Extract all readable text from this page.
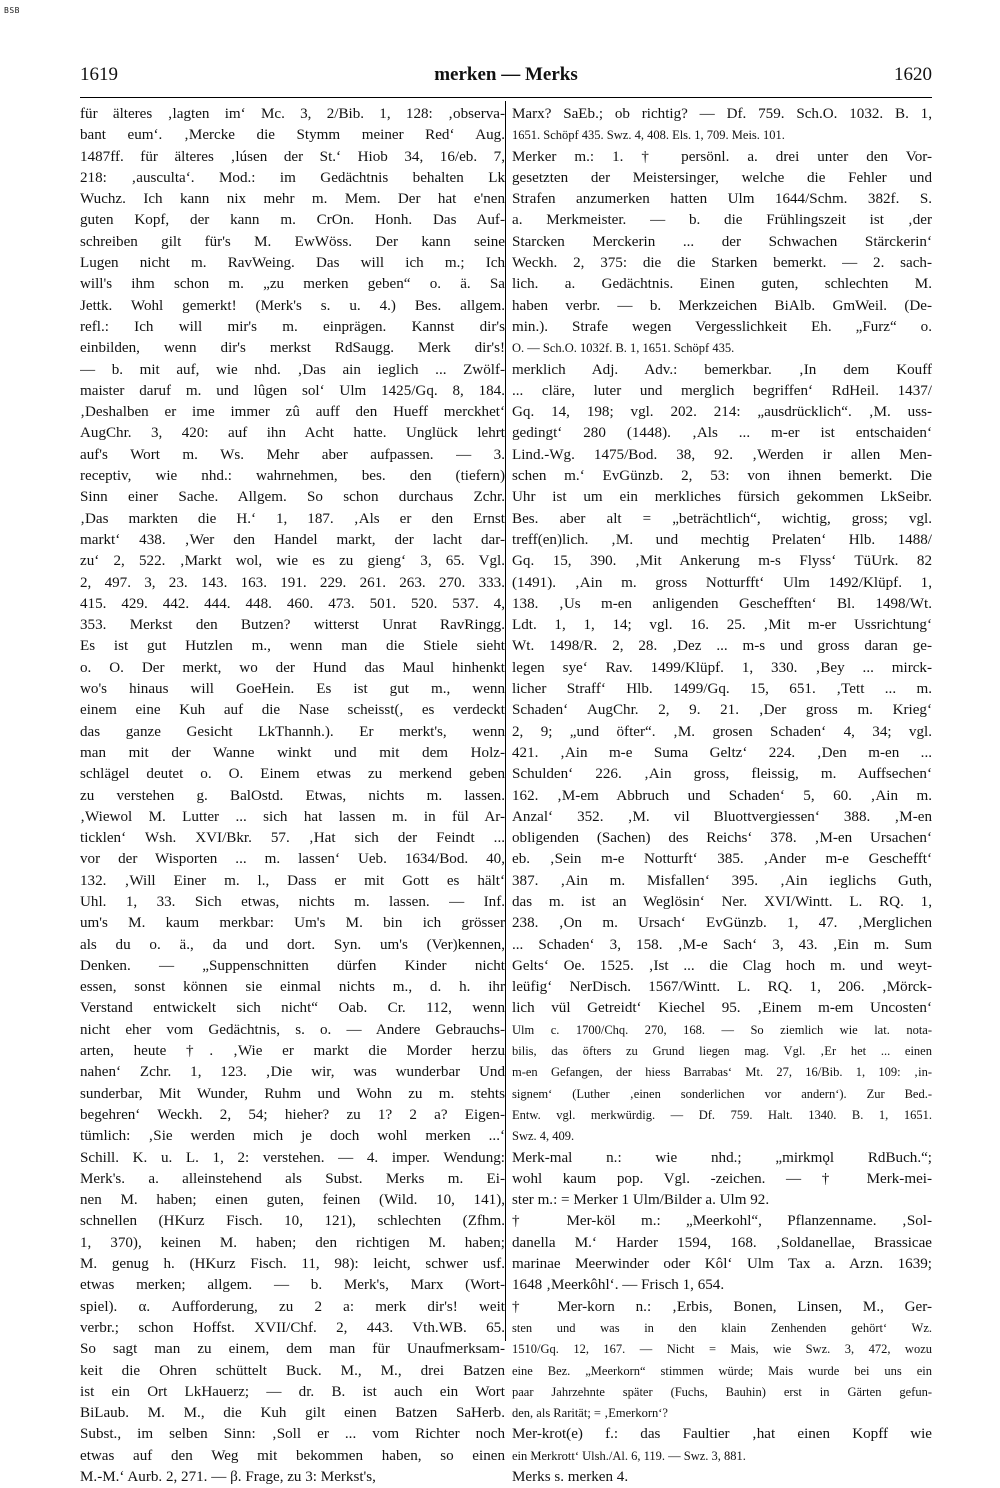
BSB
1619	merken — Merks	1620
für älteres ‚lagten im‘ Mc. 3, 2/Bib. 1, 128: ‚observa-
bant eum‘. ‚Mercke die Stymm meiner Red‘ Aug.
1487ff. für älteres ‚lúsen der St.‘ Hiob 34, 16/eb. 7,
218: ‚ausculta‘. Mod.: im Gedächtnis behalten Lk
Wuchz. Ich kann nix mehr m. Mem. Der hat e'nen
guten Kopf, der kann m. CrOn. Honh. Das Auf-
schreiben gilt für's M. EwWöss. Der kann seine
Lugen nicht m. RavWeing. Das will ich m.; Ich
will's ihm schon m. „zu merken geben“ o. ä. Sa
Jettk. Wohl gemerkt! (Merk's s. u. 4.) Bes. allgem.
refl.: Ich will mir's m. einprägen. Kannst dir's
einbilden, wenn dir's merkst RdSaugg. Merk dir's!
— b. mit auf, wie nhd. ‚Das ain ieglich ... Zwölf-
maister daruf m. und lûgen sol‘ Ulm 1425/Gq. 8, 184.
‚Deshalben er ime immer zû auff den Hueff merckhet‘
AugChr. 3, 420: auf ihn Acht hatte. Unglück lehrt
auf's Wort m. Ws. Mehr aber aufpassen. — 3.
receptiv, wie nhd.: wahrnehmen, bes. den (tiefern)
Sinn einer Sache. Allgem. So schon durchaus Zchr.
‚Das markten die H.‘ 1, 187. ‚Als er den Ernst
markt‘ 438. ‚Wer den Handel markt, der lacht dar-
zu‘ 2, 522. ‚Markt wol, wie es zu gieng‘ 3, 65. Vgl.
2, 497. 3, 23. 143. 163. 191. 229. 261. 263. 270. 333.
415. 429. 442. 444. 448. 460. 473. 501. 520. 537. 4,
353. Merkst den Butzen? witterst Unrat RavRingg.
Es ist gut Hutzlen m., wenn man die Stiele sieht
o. O. Der merkt, wo der Hund das Maul hinhenkt
wo's hinaus will GoeHein. Es ist gut m., wenn
einem eine Kuh auf die Nase scheisst(, es verdeckt
das ganze Gesicht LkThannh.). Er merkt's, wenn
man mit der Wanne winkt und mit dem Holz-
schlägel deutet o. O. Einem etwas zu merkend geben
zu verstehen g. BalOstd. Etwas, nichts m. lassen.
‚Wiewol M. Lutter ... sich hat lassen m. in fül Ar-
ticklen‘ Wsh. XVI/Bkr. 57. ‚Hat sich der Feindt ...
vor der Wisporten ... m. lassen‘ Ueb. 1634/Bod. 40,
132. ‚Will Einer m. l., Dass er mit Gott es hält‘
Uhl. 1, 33. Sich etwas, nichts m. lassen. — Inf.
um's M. kaum merkbar: Um's M. bin ich grösser
als du o. ä., da und dort. Syn. um's (Ver)kennen,
Denken. — „Suppenschnitten dürfen Kinder nicht
essen, sonst können sie einmal nichts m., d. h. ihr
Verstand entwickelt sich nicht“ Oab. Cr. 112, wenn
nicht eher vom Gedächtnis, s. o. — Andere Gebrauchs-
arten, heute †. ‚Wie er markt die Morder herzu
nahen‘ Zchr. 1, 123. ‚Die wir, was wunderbar Und
sunderbar, Mit Wunder, Ruhm und Wohn zu m. stehts
begehren‘ Weckh. 2, 54; hieher? zu 1? 2 a? Eigen-
tümlich: ‚Sie werden mich je doch wohl merken ...‘
Schill. K. u. L. 1, 2: verstehen. — 4. imper. Wendung:
Merk's. a. alleinstehend als Subst. Merks m. Ei-
nen M. haben; einen guten, feinen (Wild. 10, 141),
schnellen (HKurz Fisch. 10, 121), schlechten (Zfhm.
1, 370), keinen M. haben; den richtigen M. haben;
M. genug h. (HKurz Fisch. 11, 98): leicht, schwer usf.
etwas merken; allgem. — b. Merk's, Marx (Wort-
spiel). α. Aufforderung, zu 2 a: merk dir's! weit
verbr.; schon Hoffst. XVII/Chf. 2, 443. Vth.WB. 65.
So sagt man zu einem, dem man für Unaufmerksam-
keit die Ohren schüttelt Buck. M., M., drei Batzen
ist ein Ort LkHauerz; — dr. B. ist auch ein Wort
BiLaub. M. M., die Kuh gilt einen Batzen SaHerb.
Subst., im selben Sinn: ‚Soll er ... vom Richter noch
etwas auf den Weg mit bekommen haben, so einen
M.-M.‘ Aurb. 2, 271. — β. Frage, zu 3: Merkst's,
Marx? SaEb.; ob richtig? — Df. 759. Sch.O. 1032. B. 1,
1651. Schöpf 435. Swz. 4, 408. Els. 1, 709. Meis. 101.
Merker m.: 1. † persönl. a. drei unter den Vor-
gesetzten der Meistersinger, welche die Fehler und
Strafen anzumerken hatten Ulm 1644/Schm. 382f. S.
a. Merkmeister. — b. die Frühlingszeit ist ‚der
Starcken Merckerin ... der Schwachen Stärckerin‘
Weckh. 2, 375: die die Starken bemerkt. — 2. sach-
lich. a. Gedächtnis. Einen guten, schlechten M.
haben verbr. — b. Merkzeichen BiAlb. GmWeil. (De-
min.). Strafe wegen Vergesslichkeit Eh. „Furz“ o.
O. — Sch.O. 1032f. B. 1, 1651. Schöpf 435.
merklich Adj. Adv.: bemerkbar. ‚In dem Kouff
... cläre, luter und merglich begriffen‘ RdHeil. 1437/
Gq. 14, 198; vgl. 202. 214: „ausdrücklich“. ‚M. uss-
gedingt‘ 280 (1448). ‚Als ... m-er ist entschaiden‘
Lind.-Wg. 1475/Bod. 38, 92. ‚Werden ir allen Men-
schen m.‘ EvGünzb. 2, 53: von ihnen bemerkt. Die
Uhr ist um ein merkliches fürsich gekommen LkSeibr.
Bes. aber alt = „beträchtlich“, wichtig, gross; vgl.
treff(en)lich. ‚M. und mechtig Prelaten‘ Hlb. 1488/
Gq. 15, 390. ‚Mit Ankerung m-s Flyss‘ TüUrk. 82
(1491). ‚Ain m. gross Notturfft‘ Ulm 1492/Klüpf. 1,
138. ‚Us m-en anligenden Geschefften‘ Bl. 1498/Wt.
Ldt. 1, 1, 14; vgl. 16. 25. ‚Mit m-er Ussrichtung‘
Wt. 1498/R. 2, 28. ‚Dez ... m-s und gross daran ge-
legen sye‘ Rav. 1499/Klüpf. 1, 330. ‚Bey ... mirck-
licher Straff‘ Hlb. 1499/Gq. 15, 651. ‚Tett ... m.
Schaden‘ AugChr. 2, 9. 21. ‚Der gross m. Krieg‘
2, 9; „und öfter“. ‚M. grosen Schaden‘ 4, 34; vgl.
421. ‚Ain m-e Suma Geltz‘ 224. ‚Den m-en ...
Schulden‘ 226. ‚Ain gross, fleissig, m. Auffsechen‘
162. ‚M-em Abbruch und Schaden‘ 5, 60. ‚Ain m.
Anzal‘ 352. ‚M. vil Bluottvergiessen‘ 388. ‚M-en
obligenden (Sachen) des Reichs‘ 378. ‚M-en Ursachen‘
eb. ‚Sein m-e Notturft‘ 385. ‚Ander m-e Geschefft‘
387. ‚Ain m. Misfallen‘ 395. ‚Ain ieglichs Guth,
das m. ist an Weglösin‘ Ner. XVI/Wintt. L. RQ. 1,
238. ‚On m. Ursach‘ EvGünzb. 1, 47. ‚Merglichen
... Schaden‘ 3, 158. ‚M-e Sach‘ 3, 43. ‚Ein m. Sum
Gelts‘ Oe. 1525. ‚Ist ... die Clag hoch m. und weyt-
leüfig‘ NerDisch. 1567/Wintt. L. RQ. 1, 206. ‚Mörck-
lich vül Getreidt‘ Kiechel 95. ‚Einem m-em Uncosten‘
Ulm c. 1700/Chq. 270, 168. — So ziemlich wie lat. nota-
bilis, das öfters zu Grund liegen mag. Vgl. ‚Er het ... einen
m-en Gefangen, der hiess Barrabas‘ Mt. 27, 16/Bib. 1, 109: ‚in-
signem‘ (Luther ‚einen sonderlichen vor andern‘). Zur Bed.-
Entw. vgl. merkwürdig. — Df. 759. Halt. 1340. B. 1, 1651.
Swz. 4, 409.
Merk-mal n.: wie nhd.; „mirkmǫl RdBuch.“;
wohl kaum pop. Vgl. -zeichen. — † Merk-mei-
ster m.: = Merker 1 Ulm/Bilder a. Ulm 92.
† Mer-köl m.: „Meerkohl“, Pflanzenname. ‚Sol-
danella M.‘ Harder 1594, 168. ‚Soldanellae, Brassicae
marinae Meerwinder oder Kôl‘ Ulm Tax a. Arzn. 1639;
1648 ‚Meerkôhl‘. — Frisch 1, 654.
† Mer-korn n.: ‚Erbis, Bonen, Linsen, M., Ger-
sten und was in den klain Zenhenden gehört‘ Wz.
1510/Gq. 12, 167. — Nicht = Mais, wie Swz. 3, 472, wozu
eine Bez. „Meerkorn“ stimmen würde; Mais wurde bei uns ein
paar Jahrzehnte später (Fuchs, Bauhin) erst in Gärten gefun-
den, als Rarität; = ‚Emerkorn‘?
Mer-krot(e) f.: das Faultier ‚hat einen Kopff wie
ein Merkrott‘ Ulsh./Al. 6, 119. — Swz. 3, 881.
Merks s. merken 4.
